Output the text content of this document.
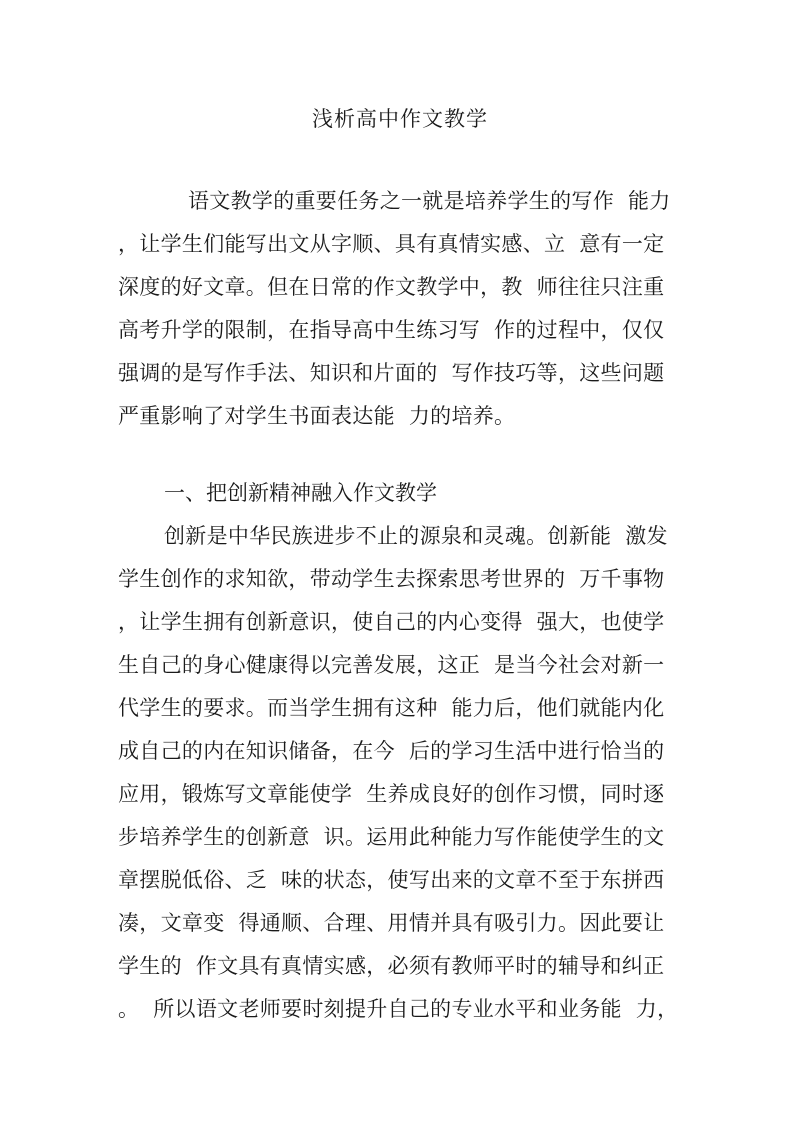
浅析高中作文教学
语文教学的重要任务之一就是培养学生的写作  能力
，让学生们能写出文从字顺、具有真情实感、立  意有一定
深度的好文章。但在日常的作文教学中，教  师往往只注重
高考升学的限制，在指导高中生练习写  作的过程中，仅仅
强调的是写作手法、知识和片面的  写作技巧等，这些问题
严重影响了对学生书面表达能  力的培养。
一、把创新精神融入作文教学
创新是中华民族进步不止的源泉和灵魂。创新能  激发
学生创作的求知欲，带动学生去探索思考世界的  万千事物
，让学生拥有创新意识，使自己的内心变得  强大，也使学
生自己的身心健康得以完善发展，这正  是当今社会对新一
代学生的要求。而当学生拥有这种  能力后，他们就能内化
成自己的内在知识储备，在今  后的学习生活中进行恰当的
应用，锻炼写文章能使学  生养成良好的创作习惯，同时逐
步培养学生的创新意  识。运用此种能力写作能使学生的文
章摆脱低俗、乏  味的状态，使写出来的文章不至于东拼西
凑，文章变  得通顺、合理、用情并具有吸引力。因此要让
学生的  作文具有真情实感，必须有教师平时的辅导和纠正
。  所以语文老师要时刻提升自己的专业水平和业务能  力，
